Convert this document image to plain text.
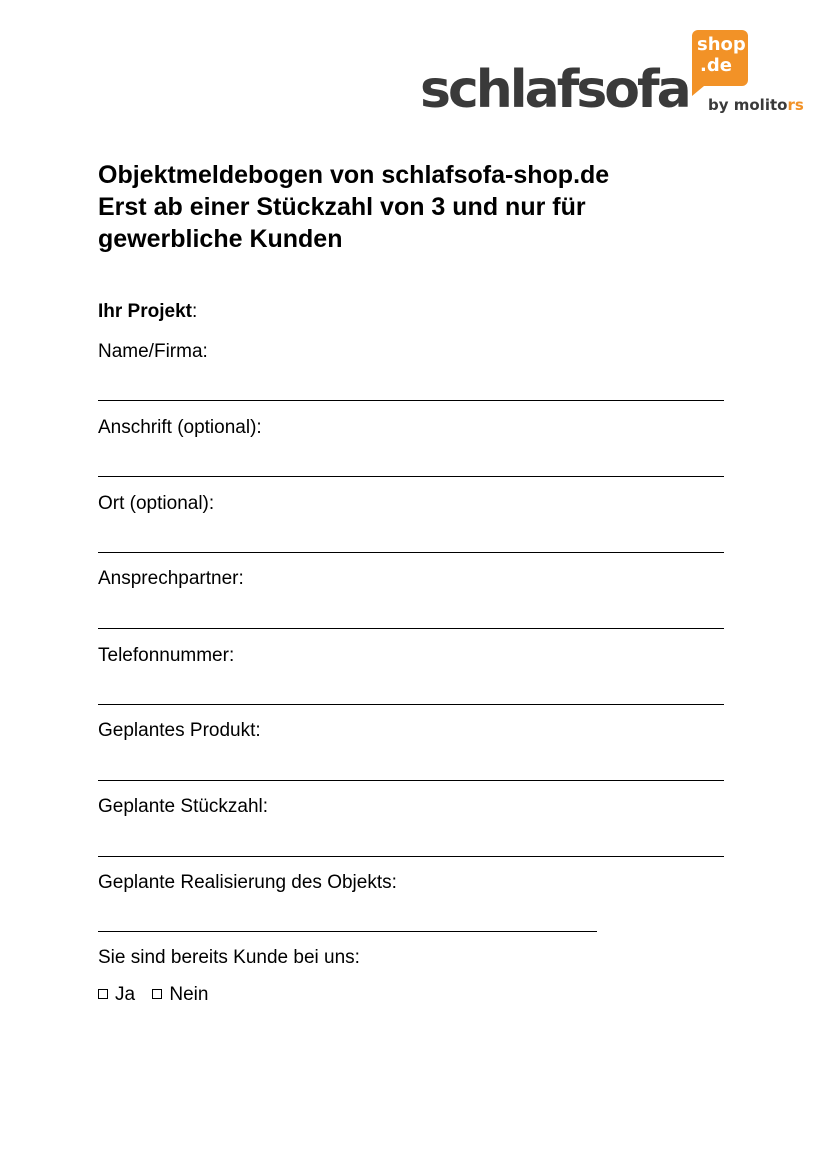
schlafsofa
shop
.de
by molitors
Objektmeldebogen von schlafsofa-shop.de
Erst ab einer Stückzahl von 3 und nur für
gewerbliche Kunden
Ihr Projekt:
Name/Firma:
Anschrift (optional):
Ort (optional):
Ansprechpartner:
Telefonnummer:
Geplantes Produkt:
Geplante Stückzahl:
Geplante Realisierung des Objekts:
Sie sind bereits Kunde bei uns:
Ja Nein
